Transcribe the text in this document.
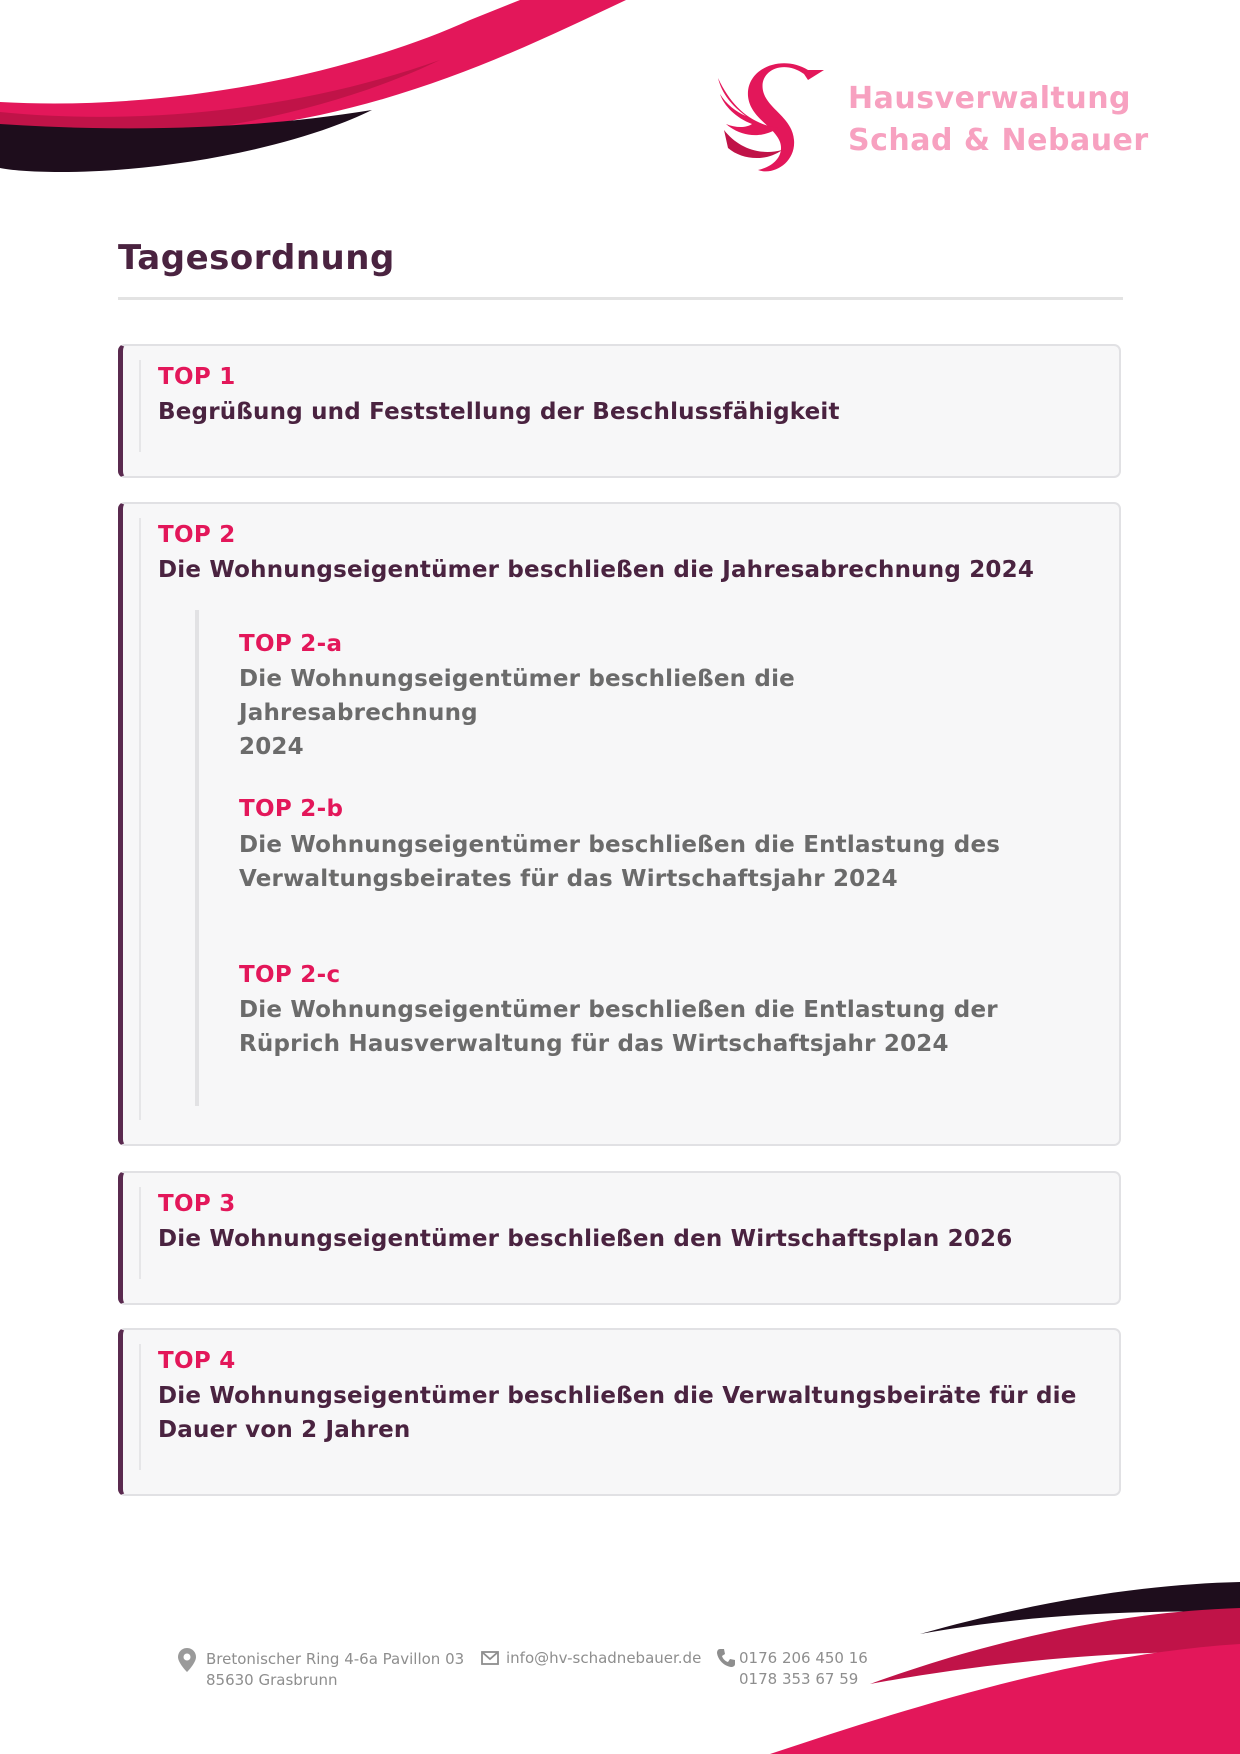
Hausverwaltung
Schad & Nebauer
Tagesordnung
TOP 1
Begrüßung und Feststellung der Beschlussfähigkeit
TOP 2
Die Wohnungseigentümer beschließen die Jahresabrechnung 2024
TOP 2-a
Die Wohnungseigentümer beschließen die Jahresabrechnung
2024
TOP 2-b
Die Wohnungseigentümer beschließen die Entlastung des
Verwaltungsbeirates für das Wirtschaftsjahr 2024
TOP 2-c
Die Wohnungseigentümer beschließen die Entlastung der
Rüprich Hausverwaltung für das Wirtschaftsjahr 2024
TOP 3
Die Wohnungseigentümer beschließen den Wirtschaftsplan 2026
TOP 4
Die Wohnungseigentümer beschließen die Verwaltungsbeiräte für die
Dauer von 2 Jahren
Bretonischer Ring 4-6a Pavillon 03
85630 Grasbrunn
info@hv-schadnebauer.de	0176 206 450 16
0178 353 67 59
